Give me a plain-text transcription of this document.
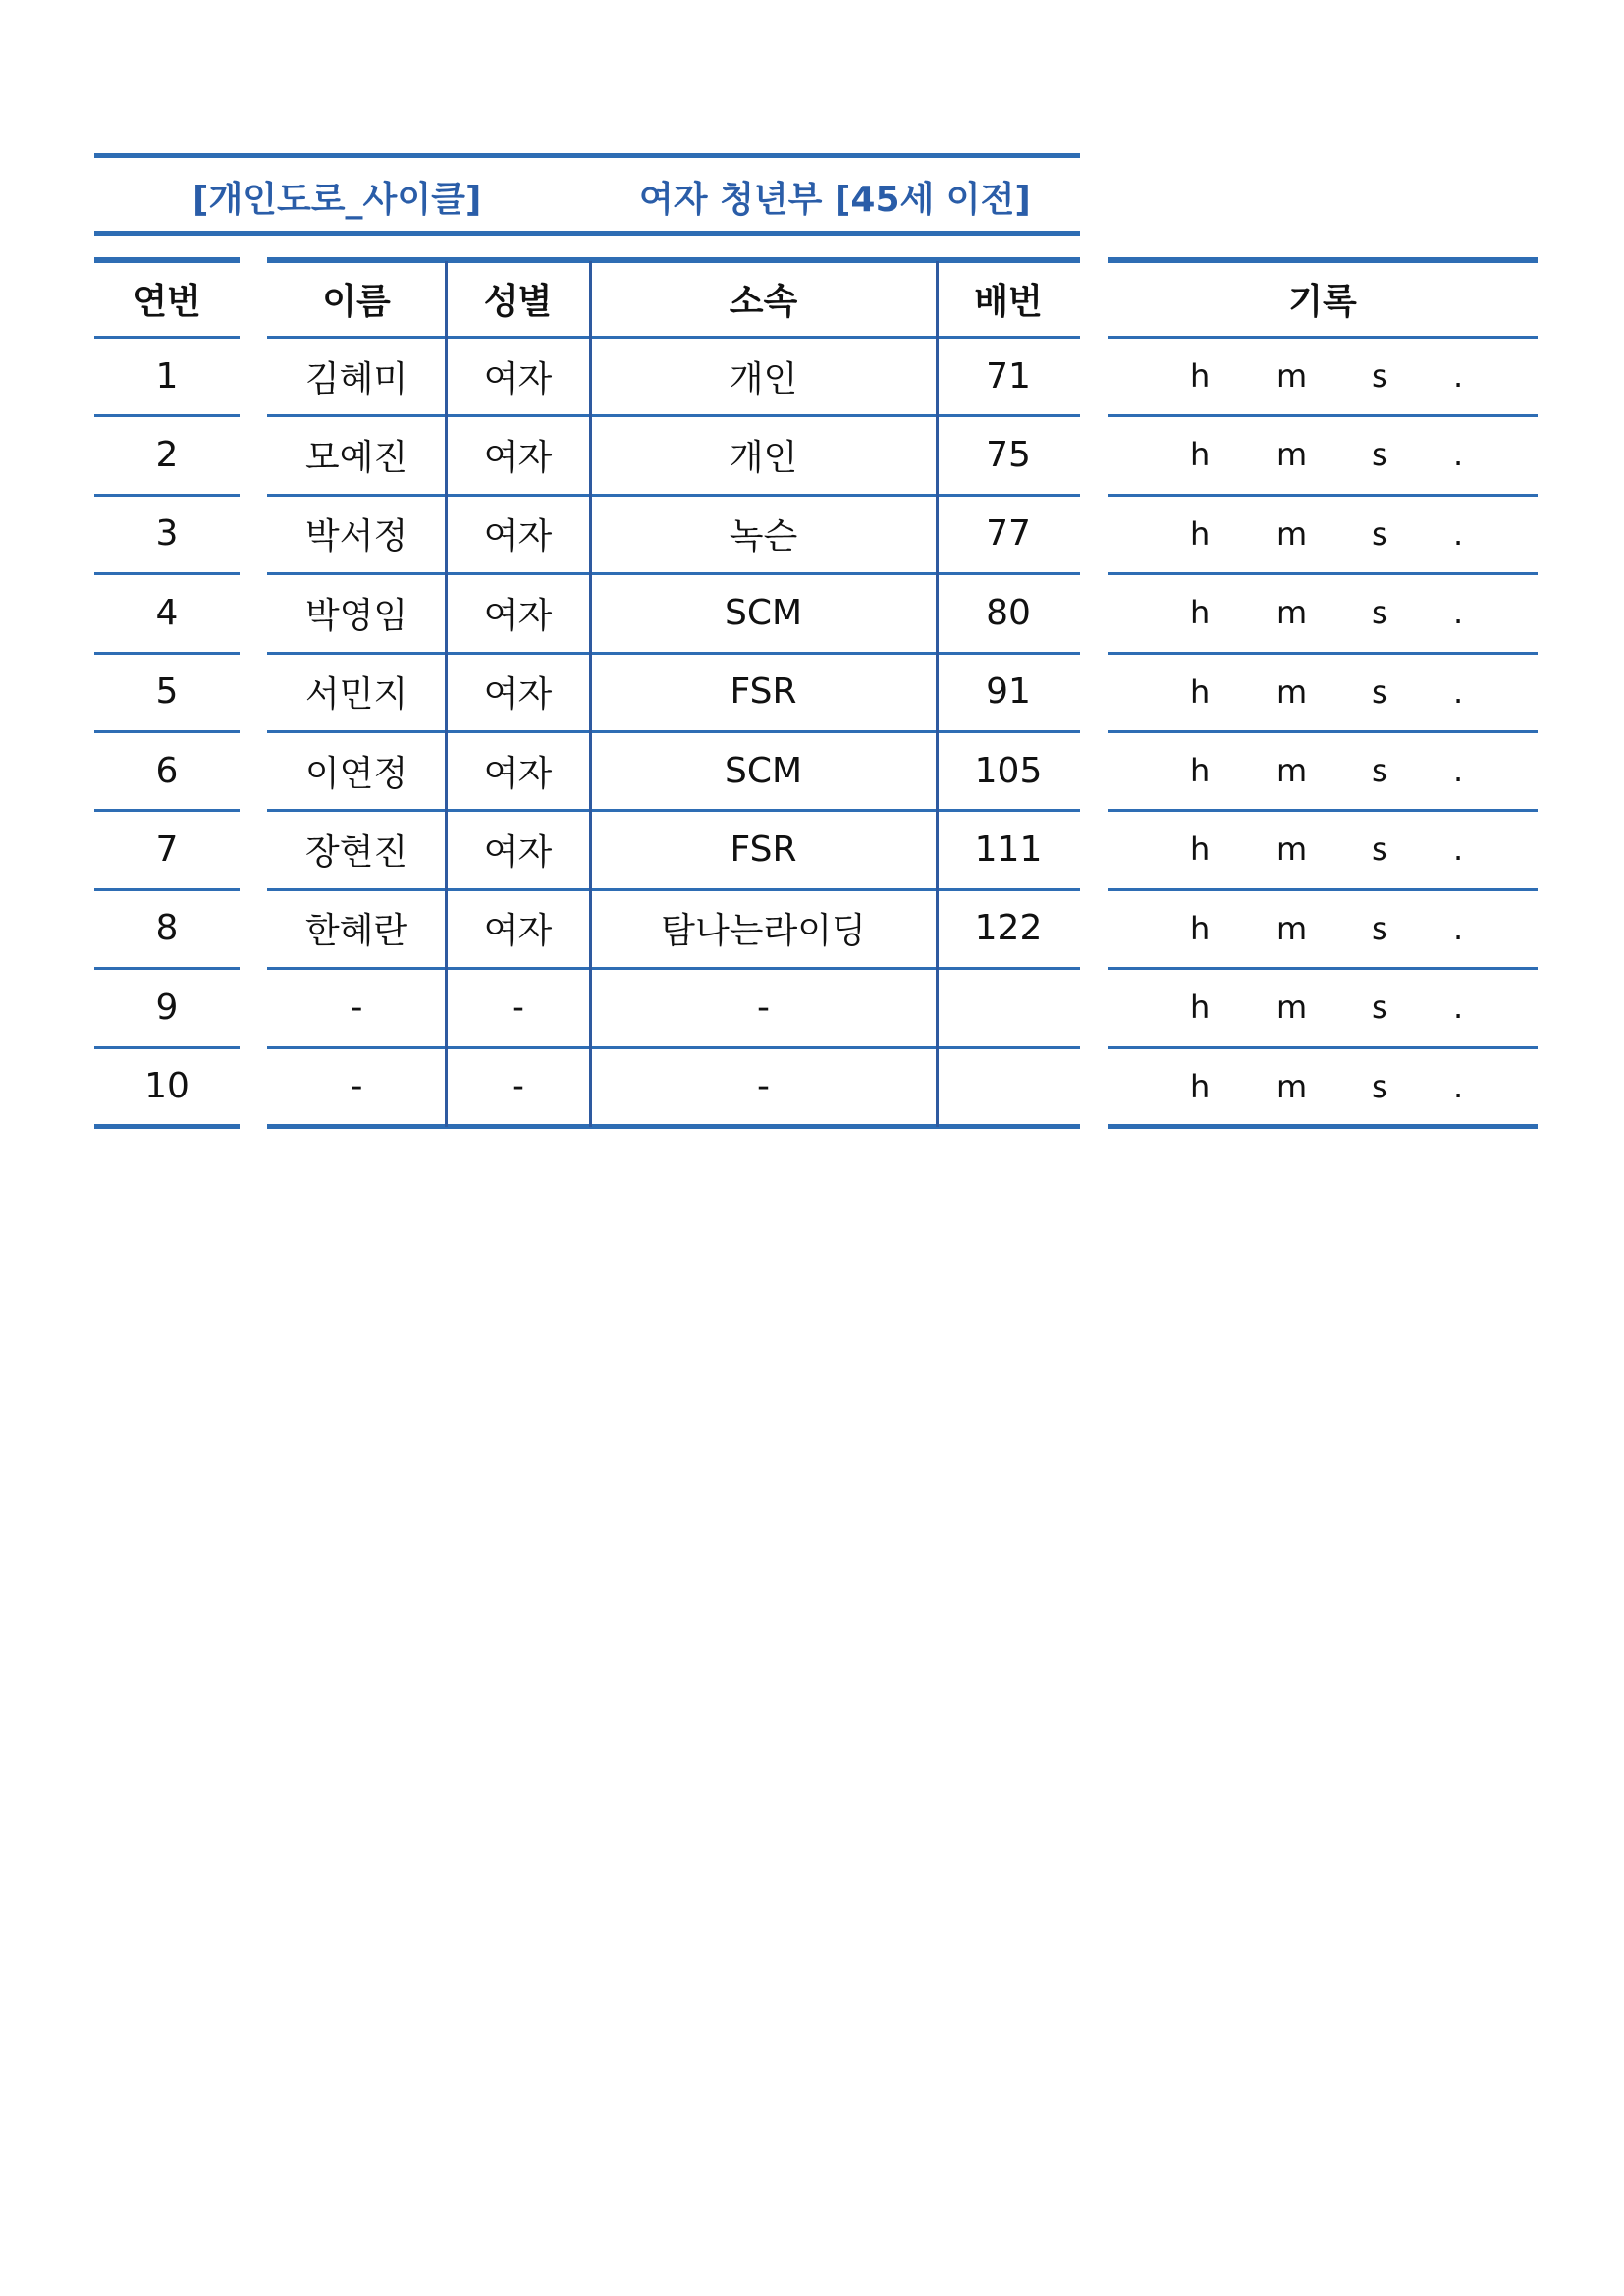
[개인도로_사이클]	여자 청년부 [45세 이전]
연번
1
2
3
4
5
6
7
8
9
10
이름
김혜미
모예진
박서정
박영임
서민지
이연정
장현진
한혜란
-
-
성별
여자
여자
여자
여자
여자
여자
여자
여자
-
-
소속
개인
개인
녹슨
SCM
FSR
SCM
FSR
탐나는라이딩
-
-
배번
71
75
77
80
91
105
111
122
기록
h m s .
h m s .
h m s .
h m s .
h m s .
h m s .
h m s .
h m s .
h m s .
h m s .
